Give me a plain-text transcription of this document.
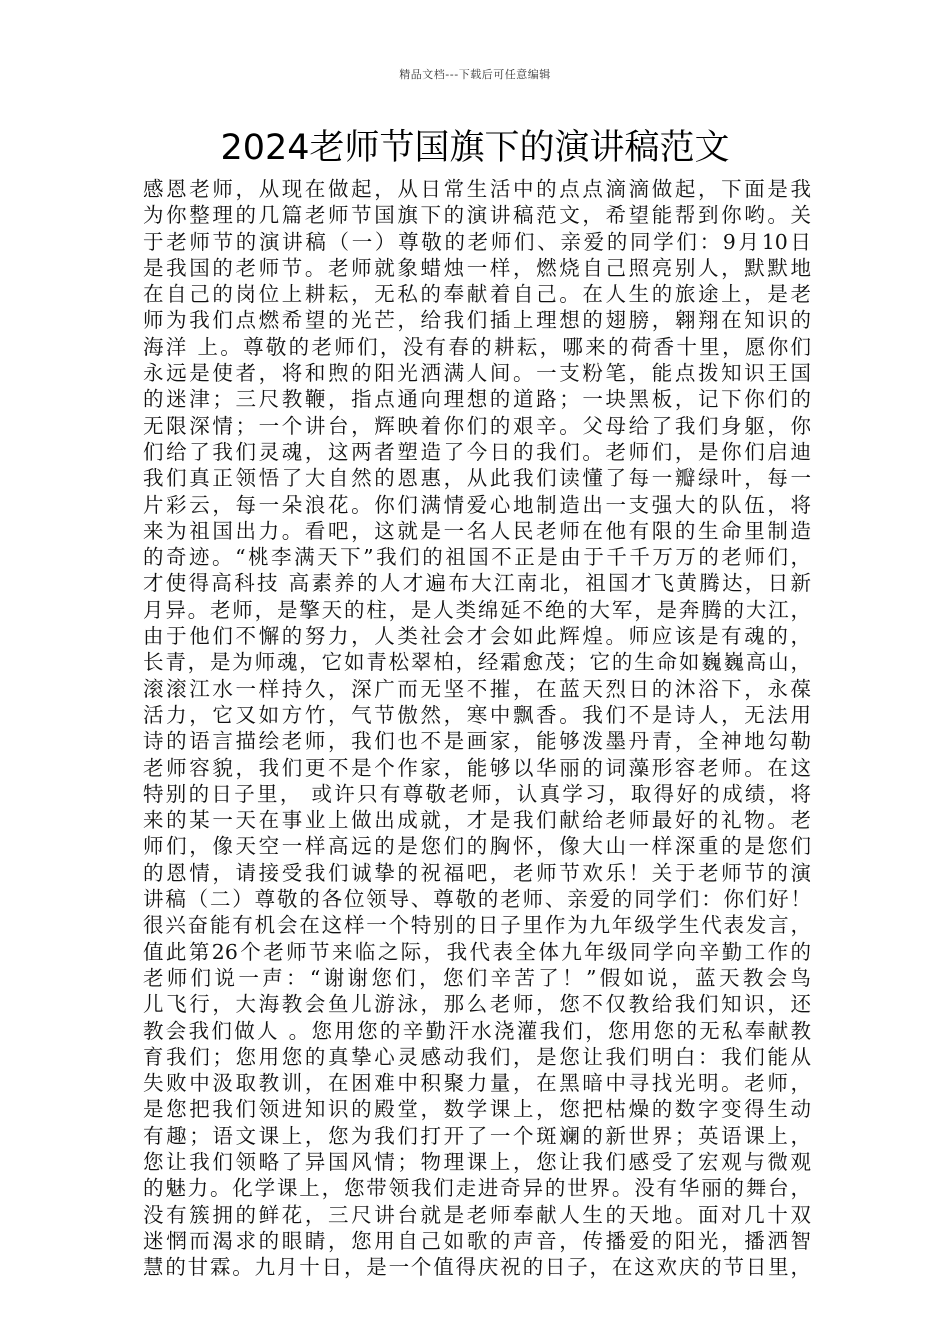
精品文档---下载后可任意编辑
2024老师节国旗下的演讲稿范文
感恩老师，从现在做起，从日常生活中的点点滴滴做起，下面是我
为你整理的几篇老师节国旗下的演讲稿范文，希望能帮到你哟。关
于老师节的演讲稿（一）尊敬的老师们、亲爱的同学们：9月10日
是我国的老师节。老师就象蜡烛一样，燃烧自己照亮别人，默默地
在自己的岗位上耕耘，无私的奉献着自己。在人生的旅途上，是老
师为我们点燃希望的光芒，给我们插上理想的翅膀，翱翔在知识的
海洋 上。尊敬的老师们，没有春的耕耘，哪来的荷香十里，愿你们
永远是使者，将和煦的阳光洒满人间。一支粉笔，能点拨知识王国
的迷津；三尺教鞭，指点通向理想的道路；一块黑板，记下你们的
无限深情；一个讲台，辉映着你们的艰辛。父母给了我们身躯，你
们给了我们灵魂，这两者塑造了今日的我们。老师们，是你们启迪
我们真正领悟了大自然的恩惠，从此我们读懂了每一瓣绿叶，每一
片彩云，每一朵浪花。你们满情爱心地制造出一支强大的队伍，将
来为祖国出力。看吧，这就是一名人民老师在他有限的生命里制造
的奇迹。“桃李满天下”我们的祖国不正是由于千千万万的老师们，
才使得高科技 高素养的人才遍布大江南北，祖国才飞黄腾达，日新
月异。老师，是擎天的柱，是人类绵延不绝的大军，是奔腾的大江，
由于他们不懈的努力，人类社会才会如此辉煌。师应该是有魂的，
长青，是为师魂，它如青松翠柏，经霜愈茂；它的生命如巍巍高山，
滚滚江水一样持久，深广而无坚不摧，在蓝天烈日的沐浴下，永葆
活力，它又如方竹，气节傲然，寒中飘香。我们不是诗人，无法用
诗的语言描绘老师，我们也不是画家，能够泼墨丹青，全神地勾勒
老师容貌，我们更不是个作家，能够以华丽的词藻形容老师。在这
特别的日子里， 或许只有尊敬老师，认真学习，取得好的成绩，将
来的某一天在事业上做出成就，才是我们献给老师最好的礼物。老
师们，像天空一样高远的是您们的胸怀，像大山一样深重的是您们
的恩情，请接受我们诚挚的祝福吧，老师节欢乐！关于老师节的演
讲稿（二）尊敬的各位领导、尊敬的老师、亲爱的同学们：你们好！
很兴奋能有机会在这样一个特别的日子里作为九年级学生代表发言，
值此第26个老师节来临之际，我代表全体九年级同学向辛勤工作的
老师们说一声：“谢谢您们，您们辛苦了！”假如说，蓝天教会鸟
儿飞行，大海教会鱼儿游泳，那么老师，您不仅教给我们知识，还
教会我们做人 。您用您的辛勤汗水浇灌我们，您用您的无私奉献教
育我们；您用您的真挚心灵感动我们，是您让我们明白：我们能从
失败中汲取教训，在困难中积聚力量，在黑暗中寻找光明。老师，
是您把我们领进知识的殿堂，数学课上，您把枯燥的数字变得生动
有趣；语文课上，您为我们打开了一个斑斓的新世界；英语课上，
您让我们领略了异国风情；物理课上，您让我们感受了宏观与微观
的魅力。化学课上，您带领我们走进奇异的世界。没有华丽的舞台，
没有簇拥的鲜花，三尺讲台就是老师奉献人生的天地。面对几十双
迷惘而渴求的眼睛，您用自己如歌的声音，传播爱的阳光，播洒智
慧的甘霖。九月十日，是一个值得庆祝的日子，在这欢庆的节日里，
